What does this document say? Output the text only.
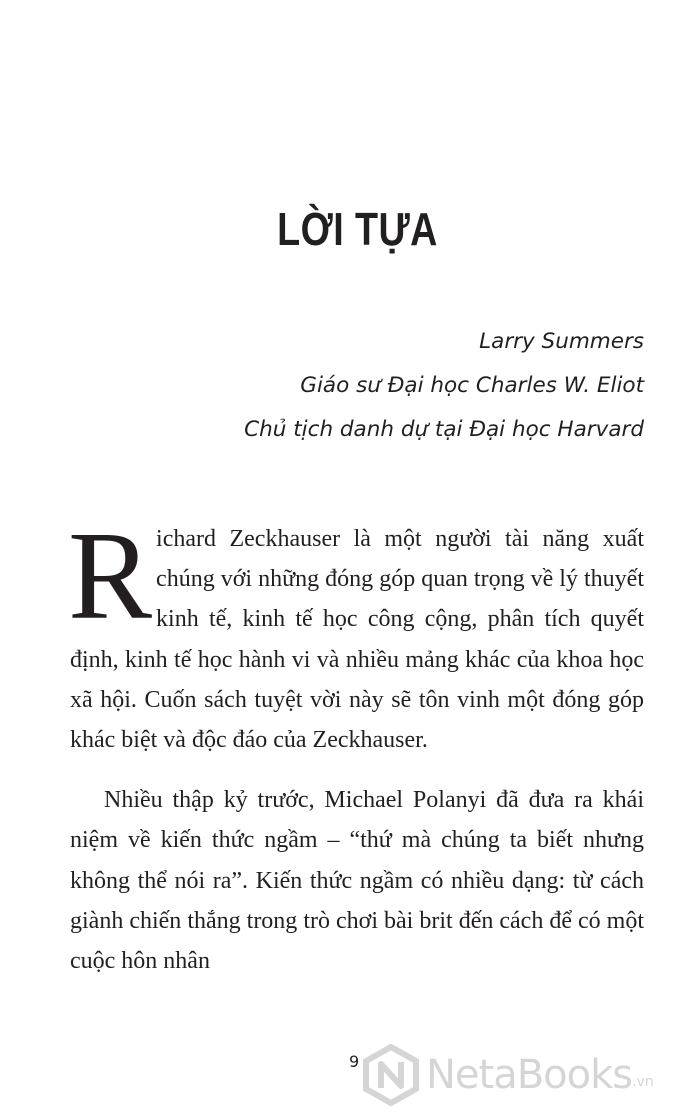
LỜI TỰA
Larry Summers
Giáo sư Đại học Charles W. Eliot
Chủ tịch danh dự tại Đại học Harvard

Richard Zeckhauser là một người tài năng xuất chúng với những đóng góp quan trọng về lý thuyết kinh tế, kinh tế học công cộng, phân tích quyết định, kinh tế học hành vi và nhiều mảng khác của khoa học xã hội. Cuốn sách tuyệt vời này sẽ tôn vinh một đóng góp khác biệt và độc đáo của Zeckhauser.

Nhiều thập kỷ trước, Michael Polanyi đã đưa ra khái niệm về kiến thức ngầm – “thứ mà chúng ta biết nhưng không thể nói ra”. Kiến thức ngầm có nhiều dạng: từ cách giành chiến thắng trong trò chơi bài brit đến cách để có một cuộc hôn nhân

9 NetaBooks .vn
